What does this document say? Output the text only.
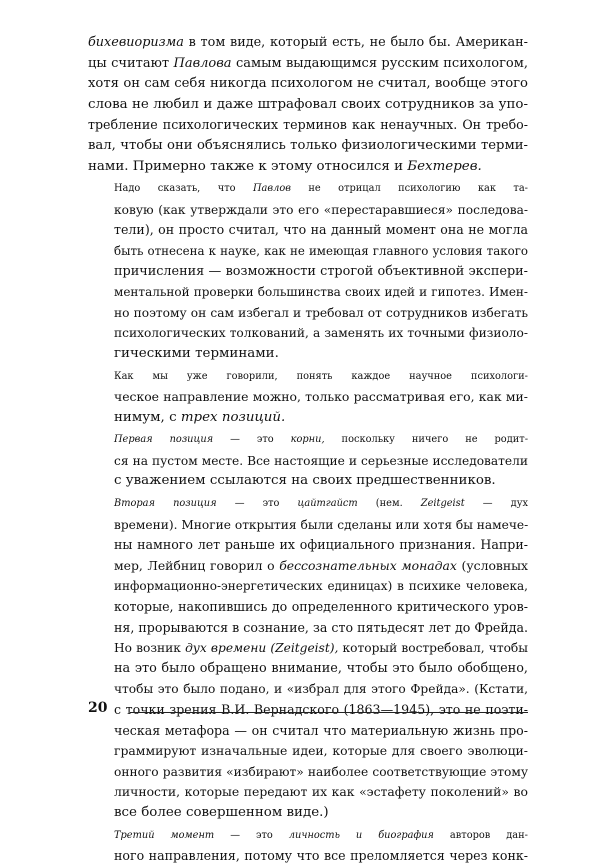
бихевиоризма в том виде, который есть, не было бы. Американ-
цы считают Павлова самым выдающимся русским психологом,
хотя он сам себя никогда психологом не считал, вообще этого
слова не любил и даже штрафовал своих сотрудников за упо-
требление психологических терминов как ненаучных. Он требо-
вал, чтобы они объяснялись только физиологическими терми-
нами. Примерно также к этому относился и Бехтерев.

Надо сказать, что Павлов не отрицал психологию как та-
ковую (как утверждали это его «перестаравшиеся» последова-
тели), он просто считал, что на данный момент она не могла
быть отнесена к науке, как не имеющая главного условия такого
причисления — возможности строгой объективной экспери-
ментальной проверки большинства своих идей и гипотез. Имен-
но поэтому он сам избегал и требовал от сотрудников избегать
психологических толкований, а заменять их точными физиоло-
гическими терминами.

Как мы уже говорили, понять каждое научное психологи-
ческое направление можно, только рассматривая его, как ми-
нимум, с трех позиций.

Первая позиция — это корни, поскольку ничего не родит-
ся на пустом месте. Все настоящие и серьезные исследователи
с уважением ссылаются на своих предшественников.

Вторая позиция — это цайтгайст (нем. Zeitgeist — дух
времени). Многие открытия были сделаны или хотя бы намече-
ны намного лет раньше их официального признания. Напри-
мер, Лейбниц говорил о бессознательных монадах (условных
информационно-энергетических единицах) в психике человека,
которые, накопившись до определенного критического уров-
ня, прорываются в сознание, за сто пятьдесят лет до Фрейда.
Но возник дух времени (Zeitgeist), который востребовал, чтобы
на это было обращено внимание, чтобы это было обобщено,
чтобы это было подано, и «избрал для этого Фрейда». (Кстати,
с точки зрения В.И. Вернадского (1863—1945), это не поэти-
ческая метафора — он считал что материальную жизнь про-
граммируют изначальные идеи, которые для своего эволюци-
онного развития «избирают» наиболее соответствующие этому
личности, которые передают их как «эстафету поколений» во
все более совершенном виде.)

Третий момент — это личность и биография авторов дан-
ного направления, потому что все преломляется через конк-

20
